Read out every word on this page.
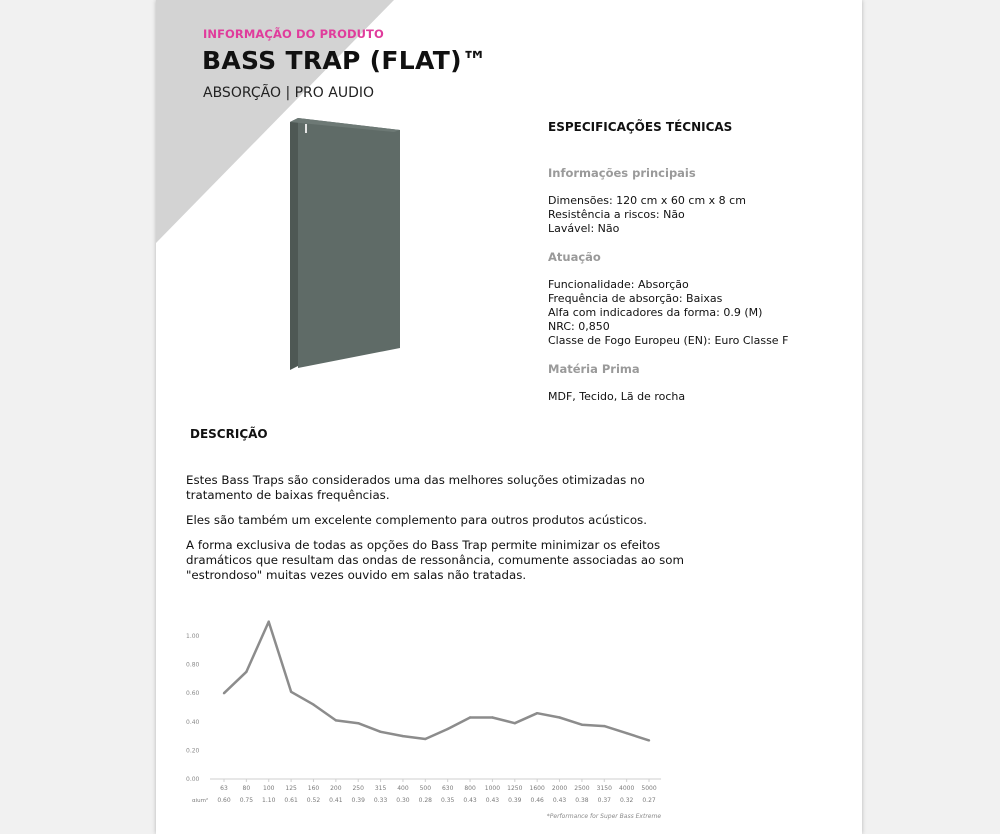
INFORMAÇÃO DO PRODUTO
BASS TRAP (FLAT)™
ABSORÇÃO | PRO AUDIO
ESPECIFICAÇÕES TÉCNICAS
Informações principais
Dimensões: 120 cm x 60 cm x 8 cm
Resistência a riscos: Não
Lavável: Não
Atuação
Funcionalidade: Absorção
Frequência de absorção: Baixas
Alfa com indicadores da forma: 0.9 (M)
NRC: 0,850
Classe de Fogo Europeu (EN): Euro Classe F
Matéria Prima
MDF, Tecido, Lã de rocha
DESCRIÇÃO

Estes Bass Traps são considerados uma das melhores soluções otimizadas no tratamento de baixas frequências.

Eles são também um excelente complemento para outros produtos acústicos.

A forma exclusiva de todas as opções do Bass Trap permite minimizar os efeitos dramáticos que resultam das ondas de ressonância, comumente associadas ao som "estrondoso" muitas vezes ouvido em salas não tratadas.

0.00
0.20
0.40
0.60
0.80
1.00
63
0.60
80
0.75
100
1.10
125
0.61
160
0.52
200
0.41
250
0.39
315
0.33
400
0.30
500
0.28
630
0.35
800
0.43
1000
0.43
1250
0.39
1600
0.46
2000
0.43
2500
0.38
3150
0.37
4000
0.32
5000
0.27
αium²
*Performance for Super Bass Extreme
